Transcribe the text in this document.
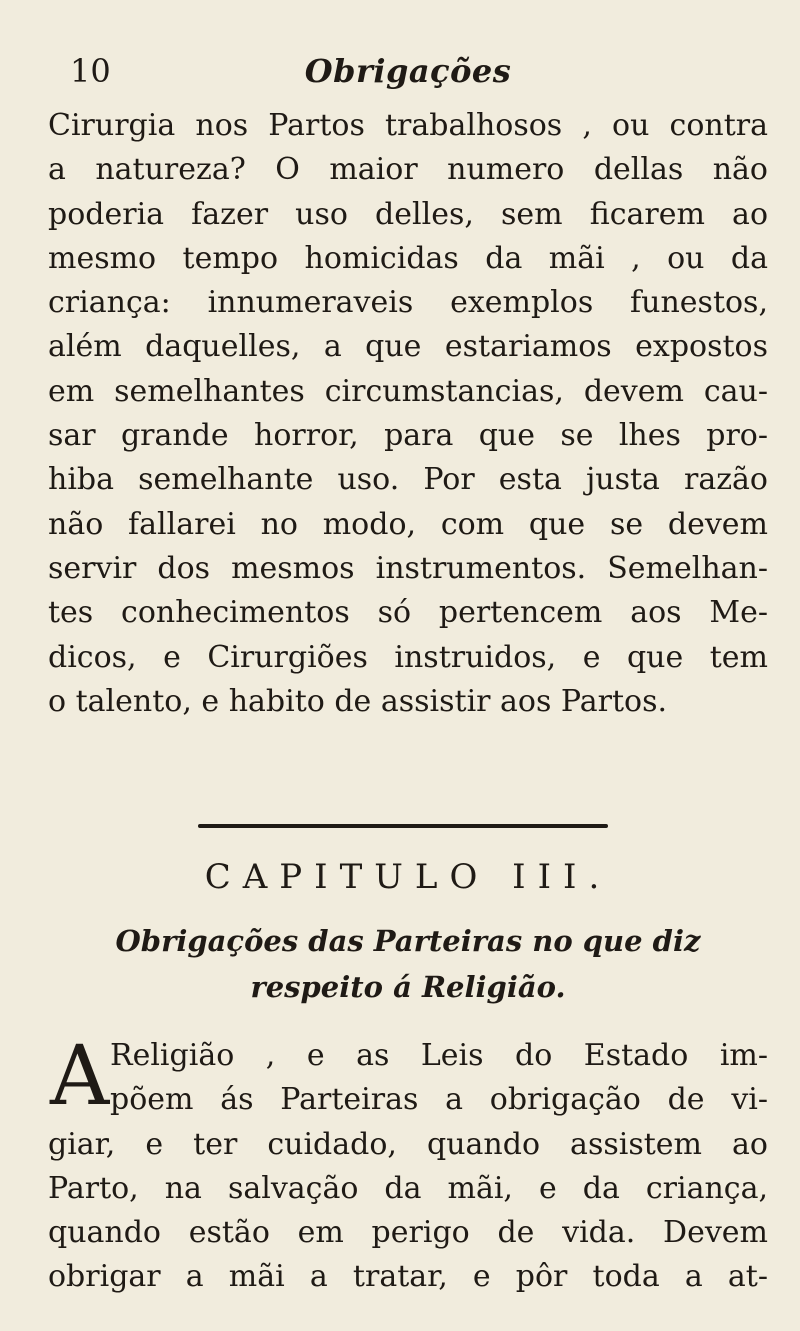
10	Obrigações
Cirurgia nos Partos trabalhosos , ou contra
a natureza? O maior numero dellas não
poderia fazer uso delles, sem ficarem ao
mesmo tempo homicidas da mãi , ou da
criança: innumeraveis exemplos funestos,
além daquelles, a que estariamos expostos
em semelhantes circumstancias, devem cau-
sar grande horror, para que se lhes pro-
hiba semelhante uso. Por esta justa razão
não fallarei no modo, com que se devem
servir dos mesmos instrumentos. Semelhan-
tes conhecimentos só pertencem aos Me-
dicos, e Cirurgiões instruidos, e que tem
o talento, e habito de assistir aos Partos.
CAPITULO III.
Obrigações das Parteiras no que diz
respeito á Religião.
A Religião , e as Leis do Estado im-
põem ás Parteiras a obrigação de vi-
giar, e ter cuidado, quando assistem ao
Parto, na salvação da mãi, e da criança,
quando estão em perigo de vida. Devem
obrigar a mãi a tratar, e pôr toda a at-
